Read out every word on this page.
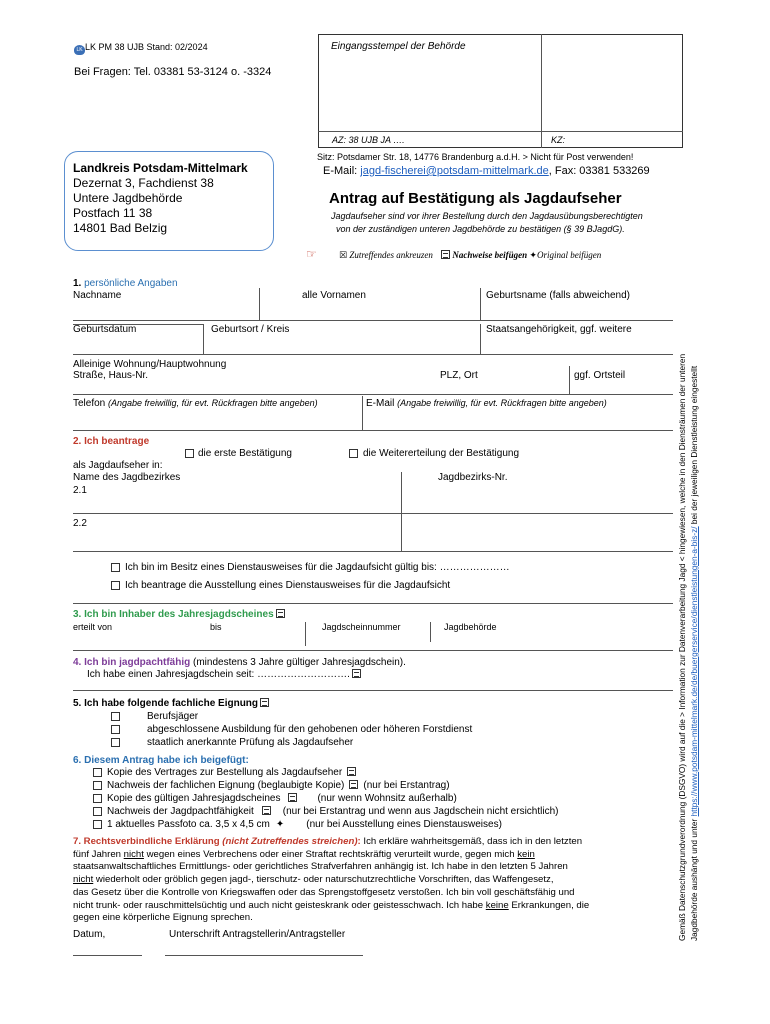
LK LK PM 38 UJB Stand: 02/2024
Bei Fragen: Tel. 03381 53-3124 o. -3324
Eingangsstempel der Behörde
AZ: 38 UJB JA ….	KZ:
Sitz: Potsdamer Str. 18, 14776 Brandenburg a.d.H. > Nicht für Post verwenden!
E-Mail: jagd-fischerei@potsdam-mittelmark.de, Fax: 03381 533269
Landkreis Potsdam-Mittelmark
Dezernat 3, Fachdienst 38
Untere Jagdbehörde
Postfach 11 38
14801 Bad Belzig
Antrag auf Bestätigung als Jagdaufseher
Jagdaufseher sind vor ihrer Bestellung durch den Jagdausübungsberechtigten
von der zuständigen unteren Jagdbehörde zu bestätigen (§ 39 BJagdG).
☞ ☒ Zutreffendes ankreuzen Nachweise beifügen ✦Original beifügen
1. persönliche Angaben
Nachname	alle Vornamen	Geburtsname (falls abweichend)
Geburtsdatum	Geburtsort / Kreis	Staatsangehörigkeit, ggf. weitere
Alleinige Wohnung/Hauptwohnung
Straße, Haus-Nr.	PLZ, Ort	ggf. Ortsteil
Telefon (Angabe freiwillig, für evt. Rückfragen bitte angeben)	E-Mail (Angabe freiwillig, für evt. Rückfragen bitte angeben)
2. Ich beantrage
die erste Bestätigung	die Weitererteilung der Bestätigung
als Jagdaufseher in:
Name des Jagdbezirkes	Jagdbezirks-Nr.
2.1
2.2
Ich bin im Besitz eines Dienstausweises für die Jagdaufsicht gültig bis: …………………
Ich beantrage die Ausstellung eines Dienstausweises für die Jagdaufsicht
3. Ich bin Inhaber des Jahresjagdscheines
erteilt von	bis	Jagdscheinnummer	Jagdbehörde
4. Ich bin jagdpachtfähig (mindestens 3 Jahre gültiger Jahresjagdschein).
Ich habe einen Jahresjagdschein seit: ……………………….
5. Ich habe folgende fachliche Eignung
Berufsjäger
abgeschlossene Ausbildung für den gehobenen oder höheren Forstdienst
staatlich anerkannte Prüfung als Jagdaufseher
6. Diesem Antrag habe ich beigefügt:
Kopie des Vertrages zur Bestellung als Jagdaufseher
Nachweis der fachlichen Eignung (beglaubigte Kopie) (nur bei Erstantrag)
Kopie des gültigen Jahresjagdscheines	(nur wenn Wohnsitz außerhalb)
Nachweis der Jagdpachtfähigkeit	(nur bei Erstantrag und wenn aus Jagdschein nicht ersichtlich)
1 aktuelles Passfoto ca. 3,5 x 4,5 cm ✦ (nur bei Ausstellung eines Dienstausweises)
7. Rechtsverbindliche Erklärung (nicht Zutreffendes streichen): Ich erkläre wahrheitsgemäß, dass ich in den letzten
fünf Jahren nicht wegen eines Verbrechens oder einer Straftat rechtskräftig verurteilt wurde, gegen mich kein
staatsanwaltschaftliches Ermittlungs- oder gerichtliches Strafverfahren anhängig ist. Ich habe in den letzten 5 Jahren
nicht wiederholt oder gröblich gegen jagd-, tierschutz- oder naturschutzrechtliche Vorschriften, das Waffengesetz,
das Gesetz über die Kontrolle von Kriegswaffen oder das Sprengstoffgesetz verstoßen. Ich bin voll geschäftsfähig und
nicht trunk- oder rauschmittelsüchtig und auch nicht geisteskrank oder geistesschwach. Ich habe keine Erkrankungen, die
gegen eine körperliche Eignung sprechen.
Datum,	Unterschrift Antragstellerin/Antragsteller	Gemäß Datenschutzgrundverordnung (DSGVO) wird auf die > Information zur Datenverarbeitung Jagd < hingewiesen, welche in den Diensträumen der unteren Jagdbehörde aushängt und unter https://www.potsdam-mittelmark.de/de/buergerservice/dienstleistungen-a-bis-z/ bei der jeweiligen Dienstleistung eingestellt
